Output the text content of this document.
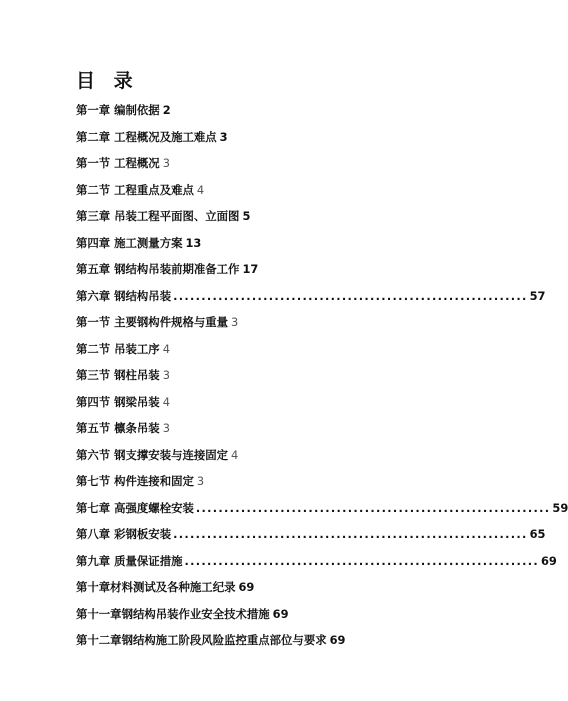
目 录
第一章 编制依据 2
第二章 工程概况及施工难点 3
第一节 工程概况 3
第二节 工程重点及难点 4
第三章 吊装工程平面图、立面图 5
第四章 施工测量方案 13
第五章 钢结构吊装前期准备工作 17
第六章 钢结构吊装 ............................................................... 57
第一节 主要钢构件规格与重量 3
第二节 吊装工序 4
第三节 钢柱吊装 3
第四节 钢梁吊装 4
第五节 檩条吊装 3
第六节 钢支撑安装与连接固定 4
第七节 构件连接和固定 3
第七章 高强度螺栓安装 ............................................................... 59
第八章 彩钢板安装 ............................................................... 65
第九章 质量保证措施 ............................................................... 69
第十章材料测试及各种施工纪录 69
第十一章钢结构吊装作业安全技术措施 69
第十二章钢结构施工阶段风险监控重点部位与要求 69
